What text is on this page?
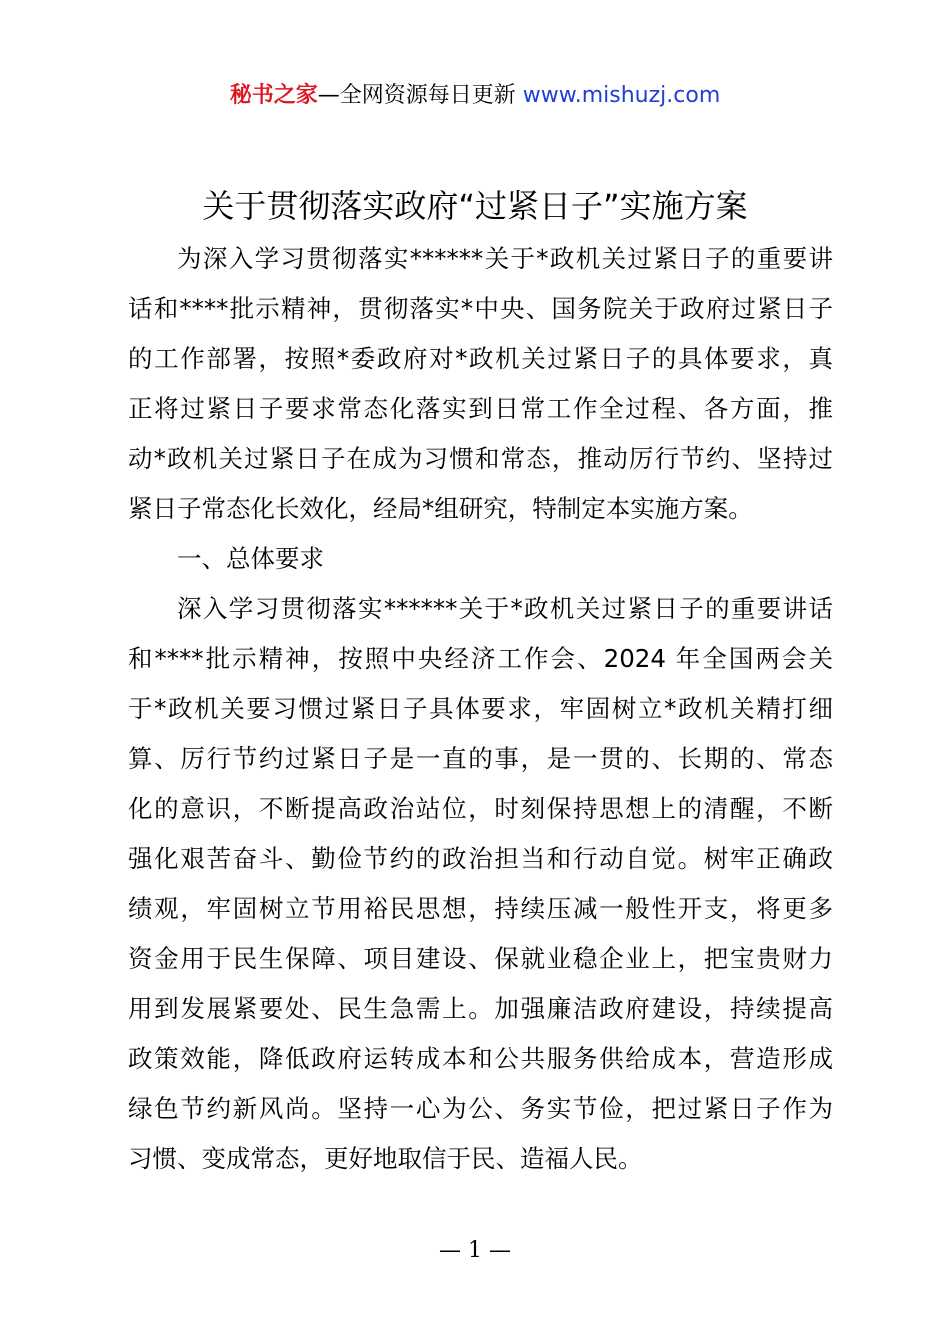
秘书之家—全网资源每日更新 www.mishuzj.com
关于贯彻落实政府“过紧日子”实施方案
为深入学习贯彻落实******关于*政机关过紧日子的重要讲
话和****批示精神，贯彻落实*中央、国务院关于政府过紧日子
的工作部署，按照*委政府对*政机关过紧日子的具体要求，真
正将过紧日子要求常态化落实到日常工作全过程、各方面，推
动*政机关过紧日子在成为习惯和常态，推动厉行节约、坚持过
紧日子常态化长效化，经局*组研究，特制定本实施方案。
一、总体要求
深入学习贯彻落实******关于*政机关过紧日子的重要讲话
和****批示精神，按照中央经济工作会、2024 年全国两会关
于*政机关要习惯过紧日子具体要求，牢固树立*政机关精打细
算、厉行节约过紧日子是一直的事，是一贯的、长期的、常态
化的意识，不断提高政治站位，时刻保持思想上的清醒，不断
强化艰苦奋斗、勤俭节约的政治担当和行动自觉。树牢正确政
绩观，牢固树立节用裕民思想，持续压减一般性开支，将更多
资金用于民生保障、项目建设、保就业稳企业上，把宝贵财力
用到发展紧要处、民生急需上。加强廉洁政府建设，持续提高
政策效能，降低政府运转成本和公共服务供给成本，营造形成
绿色节约新风尚。坚持一心为公、务实节俭，把过紧日子作为
习惯、变成常态，更好地取信于民、造福人民。
— 1 —
